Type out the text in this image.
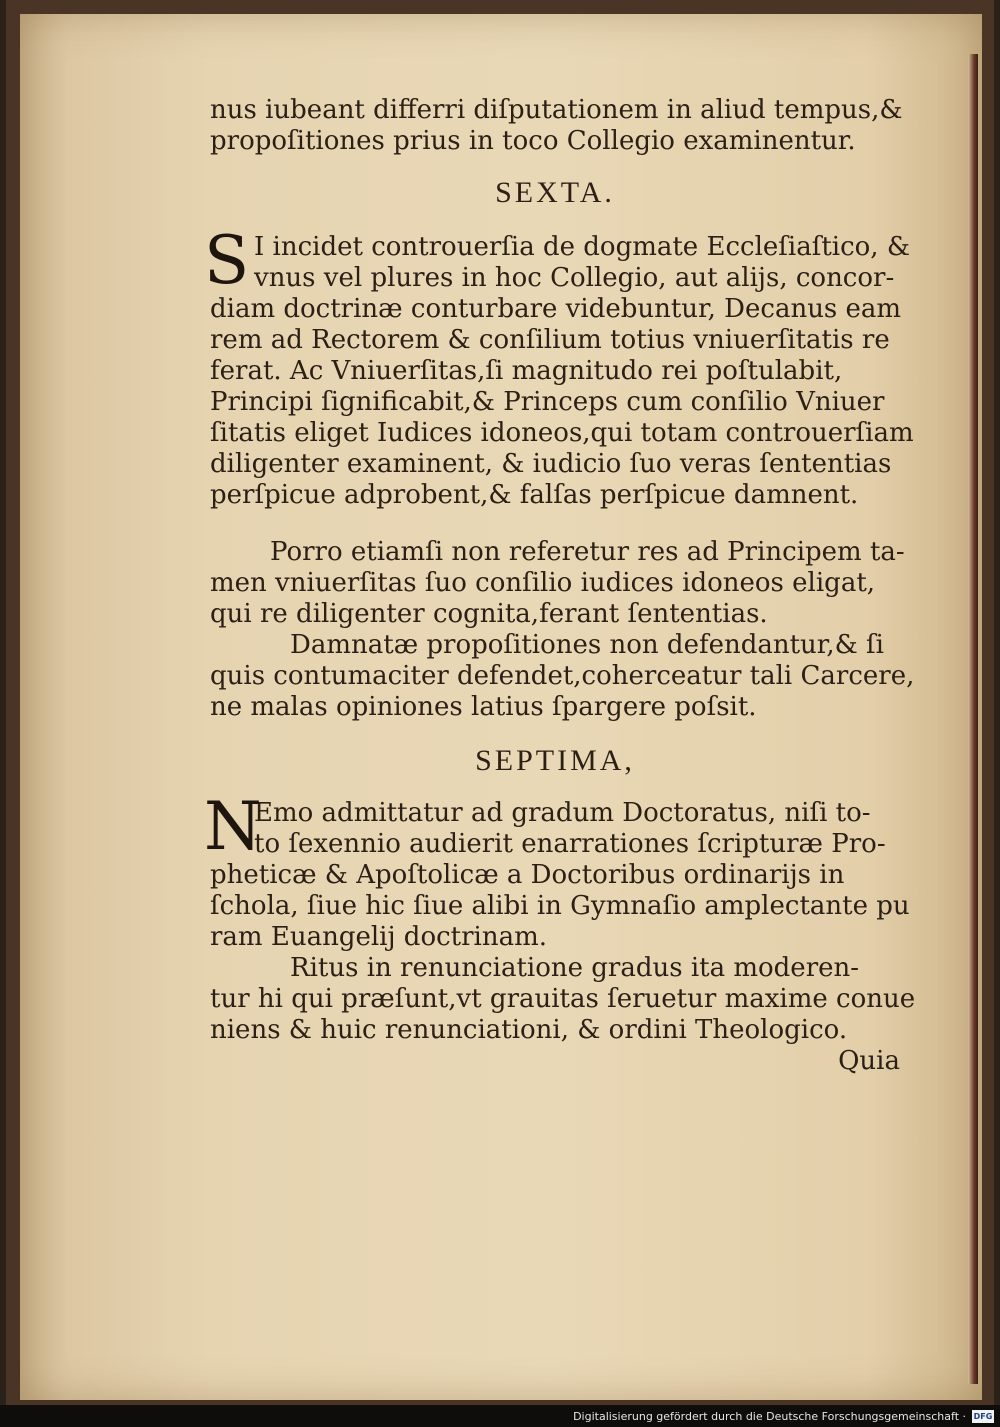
nus iubeant differri diſputationem in aliud tempus,&
propoſitiones prius in toco Collegio examinentur.

SEXTA.

S I incidet controuerſia de dogmate Eccleſiaſtico, &
vnus vel plures in hoc Collegio, aut alijs, concor-
diam doctrinæ conturbare videbuntur, Decanus eam
rem ad Rectorem & conſilium totius vniuerſitatis re
ferat. Ac Vniuerſitas,ſi magnitudo rei poſtulabit,
Principi ſignificabit,& Princeps cum conſilio Vniuer
ſitatis eliget Iudices idoneos,qui totam controuerſiam
diligenter examinent, & iudicio ſuo veras ſententias
perſpicue adprobent,& falſas perſpicue damnent.
Porro etiamſi non referetur res ad Principem ta-
men vniuerſitas ſuo conſilio iudices idoneos eligat,
qui re diligenter cognita,ferant ſententias.
Damnatæ propoſitiones non defendantur,& ſi
quis contumaciter defendet,coherceatur tali Carcere,
ne malas opiniones latius ſpargere poſsit.

SEPTIMA,

N
Emo admittatur ad gradum Doctoratus, niſi to-
to ſexennio audierit enarrationes ſcripturæ Pro-
pheticæ & Apoſtolicæ a Doctoribus ordinarijs in
ſchola, ſiue hic ſiue alibi in Gymnaſio amplectante pu
ram Euangelij doctrinam.
Ritus in renunciatione gradus ita moderen-
tur hi qui præſunt,vt grauitas ſeruetur maxime conue
niens & huic renunciationi, & ordini Theologico.
Quia
Digitalisierung gefördert durch die Deutsche Forschungsgemeinschaft · DFG
